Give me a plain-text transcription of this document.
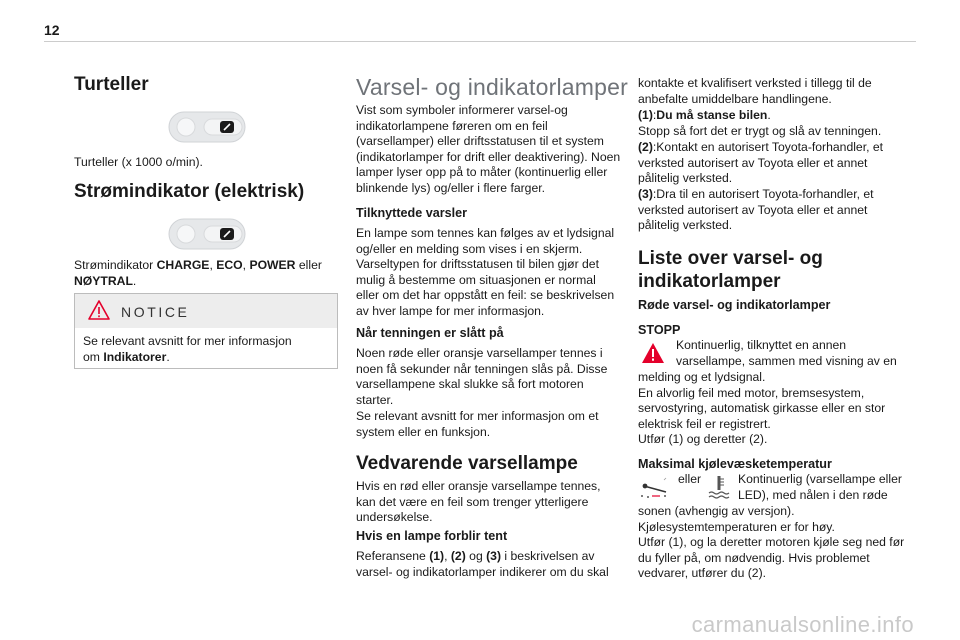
12
Turteller

Turteller (x 1000 o/min).

Strømindikator (elektrisk)

Strømindikator CHARGE, ECO, POWER eller
NØYTRAL.

NOTICE

Se relevant avsnitt for mer informasjon
om Indikatorer.

Varsel- og indikatorlamper

Vist som symboler informerer varsel-og indikatorlampene føreren om en feil (varsellamper) eller driftsstatusen til et system (indikatorlamper for drift eller deaktivering). Noen lamper lyser opp på to måter (kontinuerlig eller blinkende lys) og/eller i flere farger.

Tilknyttede varsler

En lampe som tennes kan følges av et lydsignal og/eller en melding som vises i en skjerm. Varseltypen for driftsstatusen til bilen gjør det mulig å bestemme om situasjonen er normal eller om det har oppstått en feil: se beskrivelsen av hver lampe for mer informasjon.

Når tenningen er slått på

Noen røde eller oransje varsellamper tennes i noen få sekunder når tenningen slås på. Disse varsellampene skal slukke så fort motoren starter.

Se relevant avsnitt for mer informasjon om et system eller en funksjon.

Vedvarende varsellampe

Hvis en rød eller oransje varsellampe tennes, kan det være en feil som trenger ytterligere undersøkelse.

Hvis en lampe forblir tent

Referansene (1), (2) og (3) i beskrivelsen av varsel- og indikatorlamper indikerer om du skal

kontakte et kvalifisert verksted i tillegg til de anbefalte umiddelbare handlingene.

(1):Du må stanse bilen.
Stopp så fort det er trygt og slå av tenningen.

(2):Kontakt en autorisert Toyota-forhandler, et verksted autorisert av Toyota eller et annet pålitelig verksted.

(3):Dra til en autorisert Toyota-forhandler, et verksted autorisert av Toyota eller et annet pålitelig verksted.

Liste over varsel- og indikatorlamper
Røde varsel- og indikatorlamper
STOPP

Kontinuerlig, tilknyttet en annen varsellampe, sammen med visning av en

melding og et lydsignal.
En alvorlig feil med motor, bremsesystem, servostyring, automatisk girkasse eller en stor elektrisk feil er registrert.
Utfør (1) og deretter (2).

Maksimal kjølevæsketemperatur
eller	Kontinuerlig (varsellampe eller LED), med nålen i den røde

sonen (avhengig av versjon).
Kjølesystemtemperaturen er for høy.
Utfør (1), og la deretter motoren kjøle seg ned før du fyller på, om nødvendig. Hvis problemet vedvarer, utfører du (2).

carmanualsonline.info
